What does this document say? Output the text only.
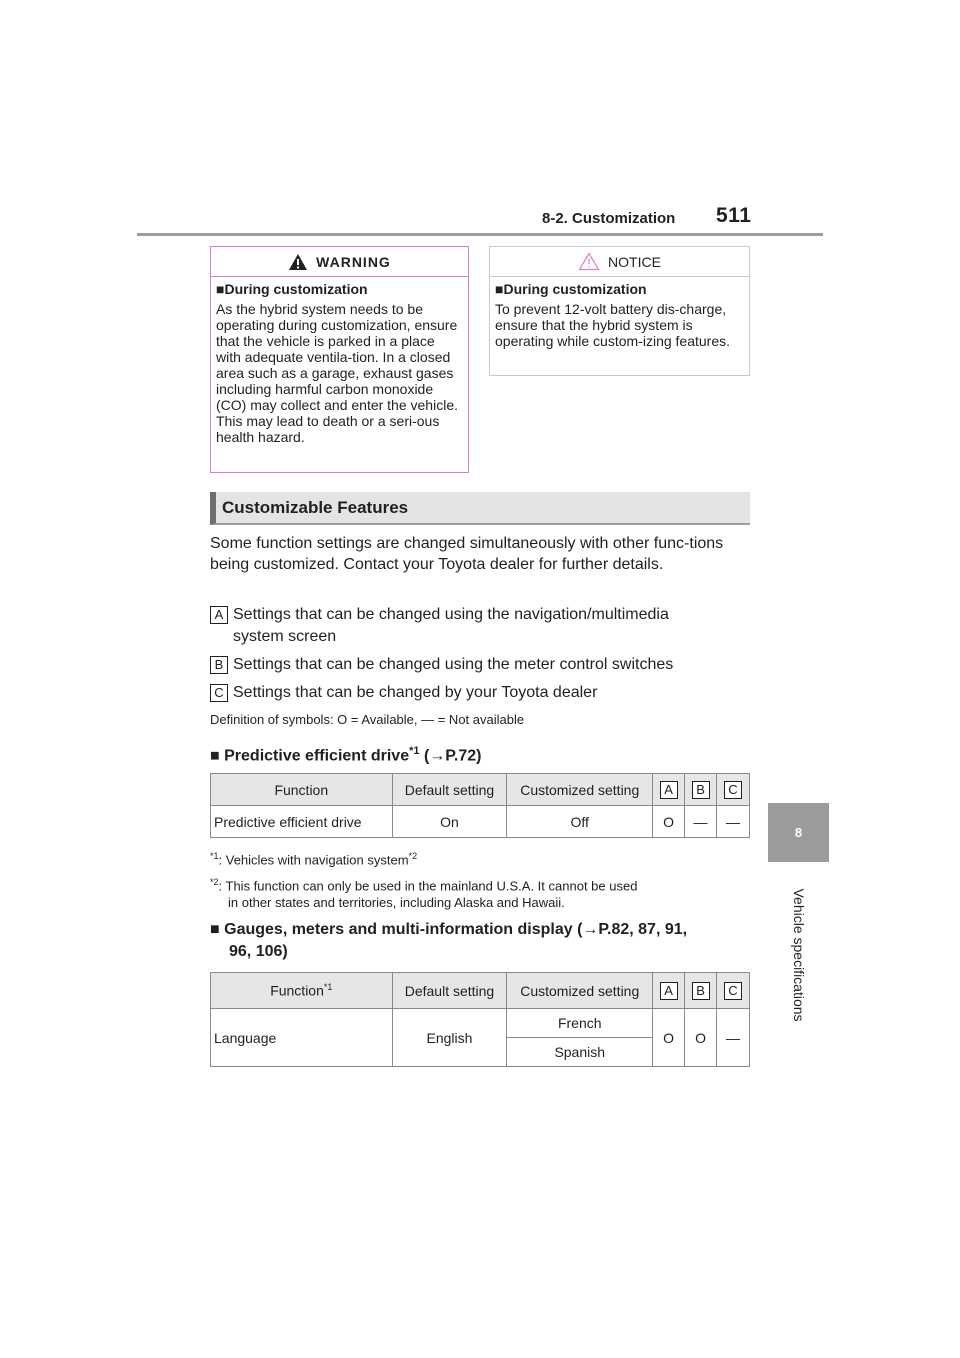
8-2. Customization 511
8
Vehicle specifications
WARNING
■During customization
As the hybrid system needs to be operating during customization, ensure that the vehicle is parked in a place with adequate ventila-tion. In a closed area such as a garage, exhaust gases including harmful carbon monoxide (CO) may collect and enter the vehicle. This may lead to death or a seri-ous health hazard.
NOTICE
■During customization
To prevent 12-volt battery dis-charge, ensure that the hybrid system is operating while custom-izing features.
Customizable Features
Some function settings are changed simultaneously with other func-tions being customized. Contact your Toyota dealer for further details.
A Settings that can be changed using the navigation/multimedia
system screen
B Settings that can be changed using the meter control switches
C Settings that can be changed by your Toyota dealer
Definition of symbols: O = Available, — = Not available
■ Predictive efficient drive$^{*1}$ (→P.72)
Function	Default setting	Customized setting	A	B	C
Predictive efficient drive	On	Off	O	—	—
$^{*1}$: Vehicles with navigation system$^{*2}$
$^{*2}$: This function can only be used in the mainland U.S.A. It cannot be used
in other states and territories, including Alaska and Hawaii.
■ Gauges, meters and multi-information display (→P.82, 87, 91,
96, 106)
Function$^{*1}$	Default setting	Customized setting	A	B	C
Language	English	French	O	O	—
		Spanish			
